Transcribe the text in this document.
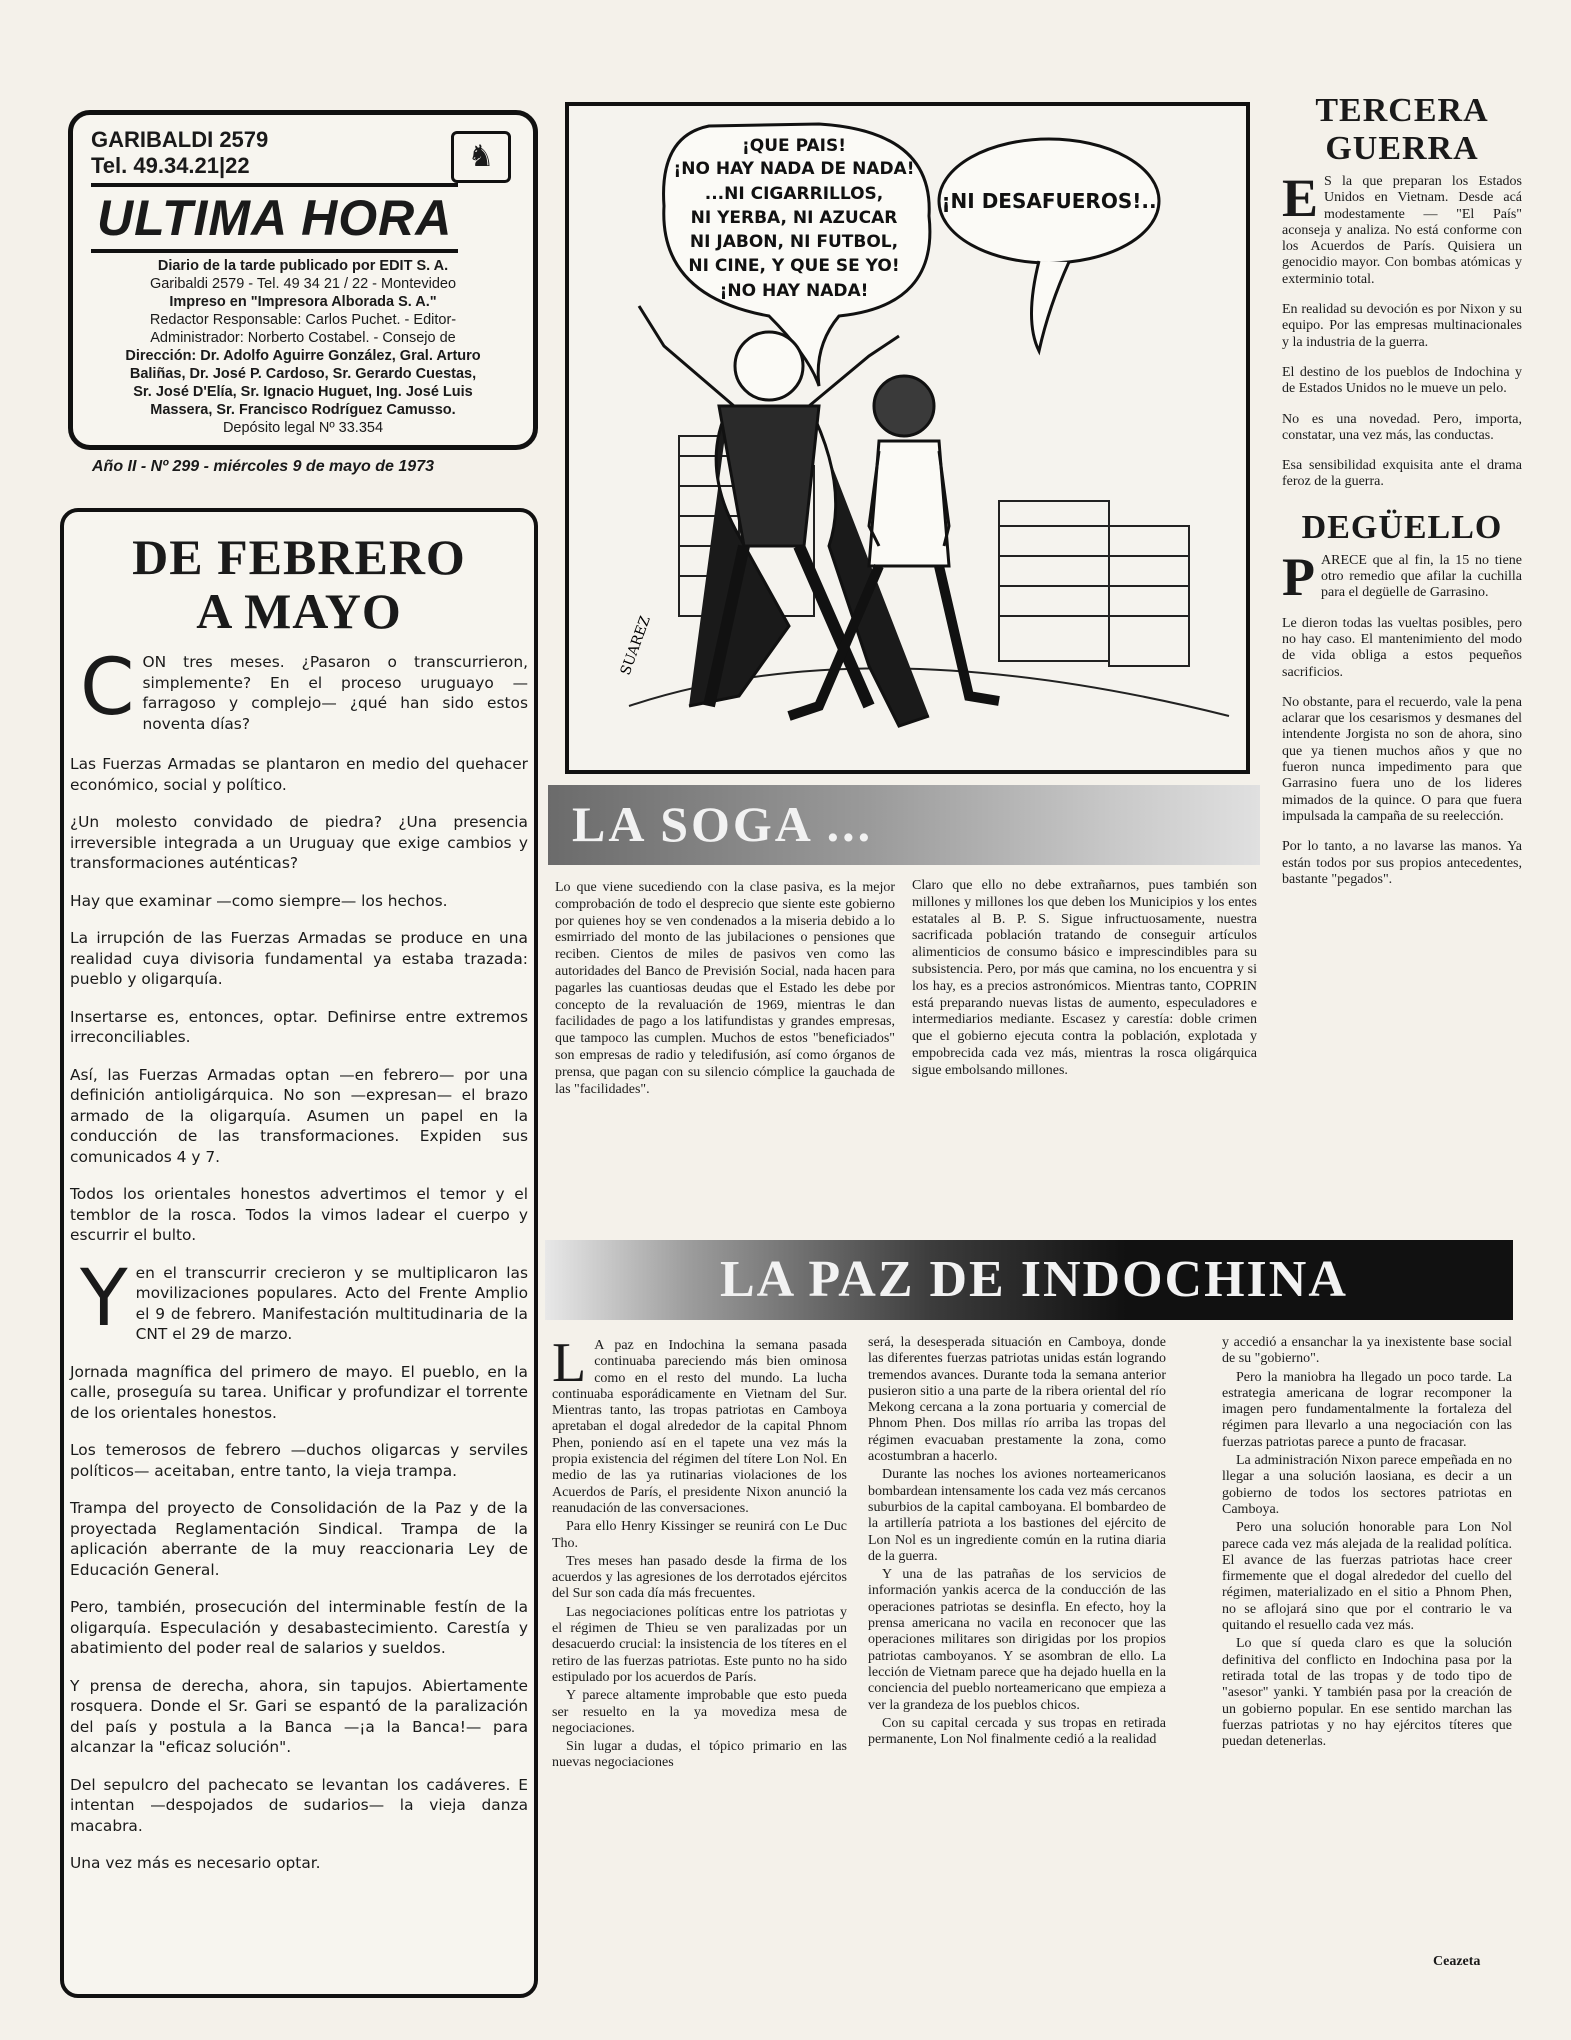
♞
GARIBALDI 2579
Tel. 49.34.21|22
ULTIMA HORA
Diario de la tarde publicado por EDIT S. A.
Garibaldi 2579 - Tel. 49 34 21 / 22 - Montevideo
Impreso en "Impresora Alborada S. A."
Redactor Responsable: Carlos Puchet. - Editor-
Administrador: Norberto Costabel. - Consejo de
Dirección: Dr. Adolfo Aguirre González, Gral. Arturo
Baliñas, Dr. José P. Cardoso, Sr. Gerardo Cuestas,
Sr. José D'Elía, Sr. Ignacio Huguet, Ing. José Luis
Massera, Sr. Francisco Rodríguez Camusso.
Depósito legal Nº 33.354
Año II - Nº 299 - miércoles 9 de mayo de 1973
DE FEBRERO
A MAYO

CON tres meses. ¿Pasaron o transcurrieron, simplemente? En el proceso uruguayo —farragoso y complejo— ¿qué han sido estos noventa días?

Las Fuerzas Armadas se plantaron en medio del quehacer económico, social y político.

¿Un molesto convidado de piedra? ¿Una presencia irreversible integrada a un Uruguay que exige cambios y transformaciones auténticas?

Hay que examinar —como siempre— los hechos.

La irrupción de las Fuerzas Armadas se produce en una realidad cuya divisoria fundamental ya estaba trazada: pueblo y oligarquía.

Insertarse es, entonces, optar. Definirse entre extremos irreconciliables.

Así, las Fuerzas Armadas optan —en febrero— por una definición antioligárquica. No son —expresan— el brazo armado de la oligarquía. Asumen un papel en la conducción de las transformaciones. Expiden sus comunicados 4 y 7.

Todos los orientales honestos advertimos el temor y el temblor de la rosca. Todos la vimos ladear el cuerpo y escurrir el bulto.

Yen el transcurrir crecieron y se multiplicaron las movilizaciones populares. Acto del Frente Amplio el 9 de febrero. Manifestación multitudinaria de la CNT el 29 de marzo.

Jornada magnífica del primero de mayo. El pueblo, en la calle, proseguía su tarea. Unificar y profundizar el torrente de los orientales honestos.

Los temerosos de febrero —duchos oligarcas y serviles políticos— aceitaban, entre tanto, la vieja trampa.

Trampa del proyecto de Consolidación de la Paz y de la proyectada Reglamentación Sindical. Trampa de la aplicación aberrante de la muy reaccionaria Ley de Educación General.

Pero, también, prosecución del interminable festín de la oligarquía. Especulación y desabastecimiento. Carestía y abatimiento del poder real de salarios y sueldos.

Y prensa de derecha, ahora, sin tapujos. Abiertamente rosquera. Donde el Sr. Gari se espantó de la paralización del país y postula a la Banca —¡a la Banca!— para alcanzar la "eficaz solución".

Del sepulcro del pachecato se levantan los cadáveres. E intentan —despojados de sudarios— la vieja danza macabra.

Una vez más es necesario optar.

SUAREZ
¡QUE PAIS!
¡NO HAY NADA DE NADA!
...NI CIGARRILLOS,
NI YERBA, NI AZUCAR
NI JABON, NI FUTBOL,
NI CINE, Y QUE SE YO!
¡NO HAY NADA!
¡NI DESAFUEROS!..
TERCERA
GUERRA

E S la que preparan los Estados Unidos en Vietnam. Desde acá modestamente — "El País" aconseja y analiza. No está conforme con los Acuerdos de París. Quisiera un genocidio mayor. Con bombas atómicas y exterminio total.

En realidad su devoción es por Nixon y su equipo. Por las empresas multinacionales y la industria de la guerra.

El destino de los pueblos de Indochina y de Estados Unidos no le mueve un pelo.

No es una novedad. Pero, importa, constatar, una vez más, las conductas.

Esa sensibilidad exquisita ante el drama feroz de la guerra.

DEGÜELLO

PARECE que al fin, la 15 no tiene otro remedio que afilar la cuchilla para el degüelle de Garrasino.

Le dieron todas las vueltas posibles, pero no hay caso. El mantenimiento del modo de vida obliga a estos pequeños sacrificios.

No obstante, para el recuerdo, vale la pena aclarar que los cesarismos y desmanes del intendente Jorgista no son de ahora, sino que ya tienen muchos años y que no fueron nunca impedimento para que Garrasino fuera uno de los lideres mimados de la quince. O para que fuera impulsada la campaña de su reelección.

Por lo tanto, a no lavarse las manos. Ya están todos por sus propios antecedentes, bastante "pegados".

LA SOGA ...
Lo que viene sucediendo con la clase pasiva, es la mejor comprobación de todo el desprecio que siente este gobierno por quienes hoy se ven condenados a la miseria debido a lo esmirriado del monto de las jubilaciones o pensiones que reciben. Cientos de miles de pasivos ven como las autoridades del Banco de Previsión Social, nada hacen para pagarles las cuantiosas deudas que el Estado les debe por concepto de la revaluación de 1969, mientras le dan facilidades de pago a los latifundistas y grandes empresas, que tampoco las cumplen. Muchos de estos "beneficiados" son empresas de radio y teledifusión, así como órganos de prensa, que pagan con su silencio cómplice la gauchada de las "facilidades".
Claro que ello no debe extrañarnos, pues también son millones y millones los que deben los Municipios y los entes estatales al B. P. S. Sigue infructuosamente, nuestra sacrificada población tratando de conseguir artículos alimenticios de consumo básico e imprescindibles para su subsistencia. Pero, por más que camina, no los encuentra y si los hay, es a precios astronómicos. Mientras tanto, COPRIN está preparando nuevas listas de aumento, especuladores e intermediarios mediante. Escasez y carestía: doble crimen que el gobierno ejecuta contra la población, explotada y empobrecida cada vez más, mientras la rosca oligárquica sigue embolsando millones.
LA PAZ DE INDOCHINA

L A paz en Indochina la semana pasada continuaba pareciendo más bien ominosa como en el resto del mundo. La lucha continuaba esporádicamente en Vietnam del Sur. Mientras tanto, las tropas patriotas en Camboya apretaban el dogal alrededor de la capital Phnom Phen, poniendo así en el tapete una vez más la propia existencia del régimen del títere Lon Nol. En medio de las ya rutinarias violaciones de los Acuerdos de París, el presidente Nixon anunció la reanudación de las conversaciones.

Para ello Henry Kissinger se reunirá con Le Duc Tho.

Tres meses han pasado desde la firma de los acuerdos y las agresiones de los derrotados ejércitos del Sur son cada día más frecuentes.

Las negociaciones políticas entre los patriotas y el régimen de Thieu se ven paralizadas por un desacuerdo crucial: la insistencia de los títeres en el retiro de las fuerzas patriotas. Este punto no ha sido estipulado por los acuerdos de París.

Y parece altamente improbable que esto pueda ser resuelto en la ya movediza mesa de negociaciones.

Sin lugar a dudas, el tópico primario en las nuevas negociaciones

será, la desesperada situación en Camboya, donde las diferentes fuerzas patriotas unidas están logrando tremendos avances. Durante toda la semana anterior pusieron sitio a una parte de la ribera oriental del río Mekong cercana a la zona portuaria y comercial de Phnom Phen. Dos millas río arriba las tropas del régimen evacuaban prestamente la zona, como acostumbran a hacerlo.

Durante las noches los aviones norteamericanos bombardean intensamente los cada vez más cercanos suburbios de la capital camboyana. El bombardeo de la artillería patriota a los bastiones del ejército de Lon Nol es un ingrediente común en la rutina diaria de la guerra.

Y una de las patrañas de los servicios de información yankis acerca de la conducción de las operaciones patriotas se desinfla. En efecto, hoy la prensa americana no vacila en reconocer que las operaciones militares son dirigidas por los propios patriotas camboyanos. Y se asombran de ello. La lección de Vietnam parece que ha dejado huella en la conciencia del pueblo norteamericano que empieza a ver la grandeza de los pueblos chicos.

Con su capital cercada y sus tropas en retirada permanente, Lon Nol finalmente cedió a la realidad

y accedió a ensanchar la ya inexistente base social de su "gobierno".

Pero la maniobra ha llegado un poco tarde. La estrategia americana de lograr recomponer la imagen pero fundamentalmente la fortaleza del régimen para llevarlo a una negociación con las fuerzas patriotas parece a punto de fracasar.

La administración Nixon parece empeñada en no llegar a una solución laosiana, es decir a un gobierno de todos los sectores patriotas en Camboya.

Pero una solución honorable para Lon Nol parece cada vez más alejada de la realidad política. El avance de las fuerzas patriotas hace creer firmemente que el dogal alrededor del cuello del régimen, materializado en el sitio a Phnom Phen, no se aflojará sino que por el contrario le va quitando el resuello cada vez más.

Lo que sí queda claro es que la solución definitiva del conflicto en Indochina pasa por la retirada total de las tropas y de todo tipo de "asesor" yanki. Y también pasa por la creación de un gobierno popular. En ese sentido marchan las fuerzas patriotas y no hay ejércitos títeres que puedan detenerlas.

Ceazeta
